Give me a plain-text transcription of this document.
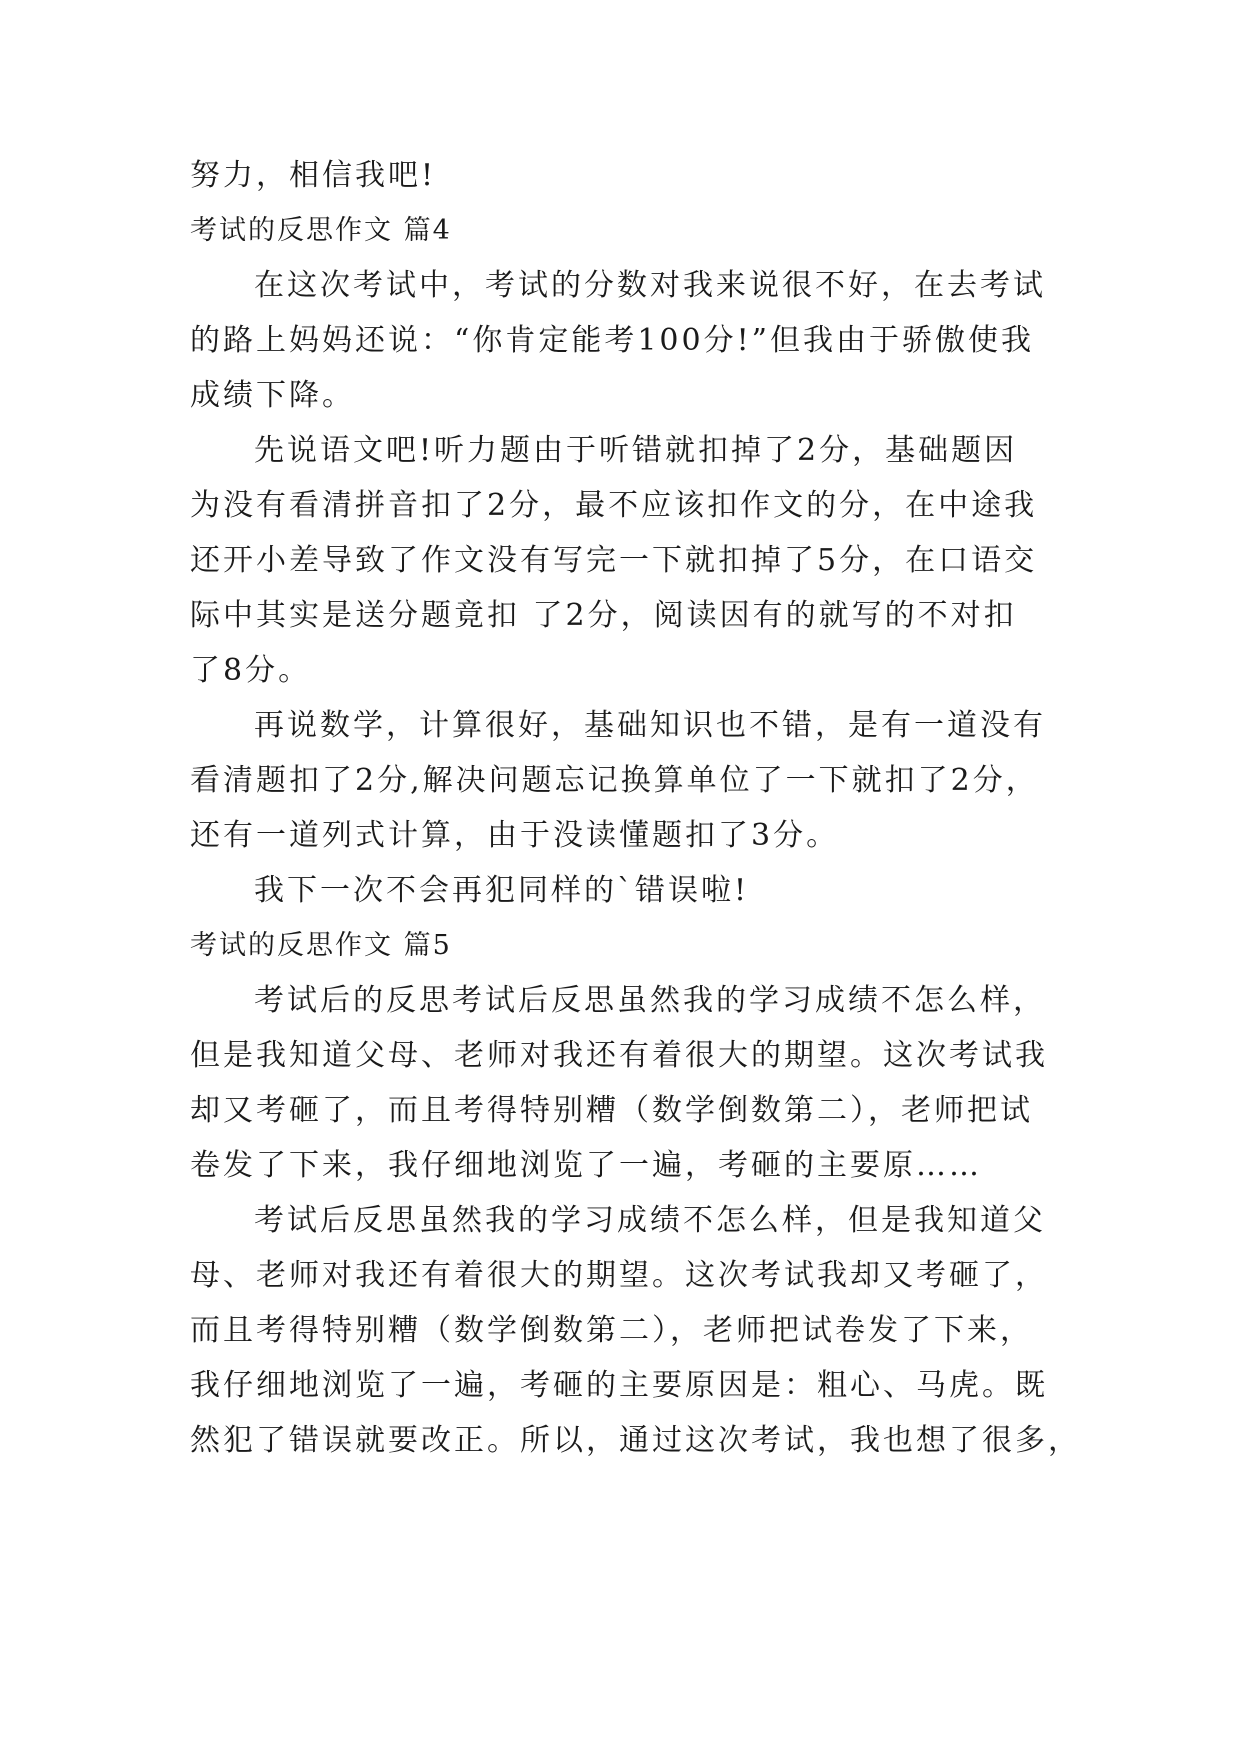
努力，相信我吧!
考试的反思作文 篇4
在这次考试中，考试的分数对我来说很不好，在去考试
的路上妈妈还说：“你肯定能考100分!”但我由于骄傲使我
成绩下降。
先说语文吧!听力题由于听错就扣掉了2分，基础题因
为没有看清拼音扣了2分，最不应该扣作文的分，在中途我
还开小差导致了作文没有写完一下就扣掉了5分，在口语交
际中其实是送分题竟扣 了2分，阅读因有的就写的不对扣
了8分。
再说数学，计算很好，基础知识也不错，是有一道没有
看清题扣了2分,解决问题忘记换算单位了一下就扣了2分，
还有一道列式计算，由于没读懂题扣了3分。
我下一次不会再犯同样的`错误啦!
考试的反思作文 篇5
考试后的反思考试后反思虽然我的学习成绩不怎么样，
但是我知道父母、老师对我还有着很大的期望。这次考试我
却又考砸了，而且考得特别糟（数学倒数第二），老师把试
卷发了下来，我仔细地浏览了一遍，考砸的主要原……
考试后反思虽然我的学习成绩不怎么样，但是我知道父
母、老师对我还有着很大的期望。这次考试我却又考砸了，
而且考得特别糟（数学倒数第二），老师把试卷发了下来，
我仔细地浏览了一遍，考砸的主要原因是：粗心、马虎。既
然犯了错误就要改正。所以，通过这次考试，我也想了很多，
